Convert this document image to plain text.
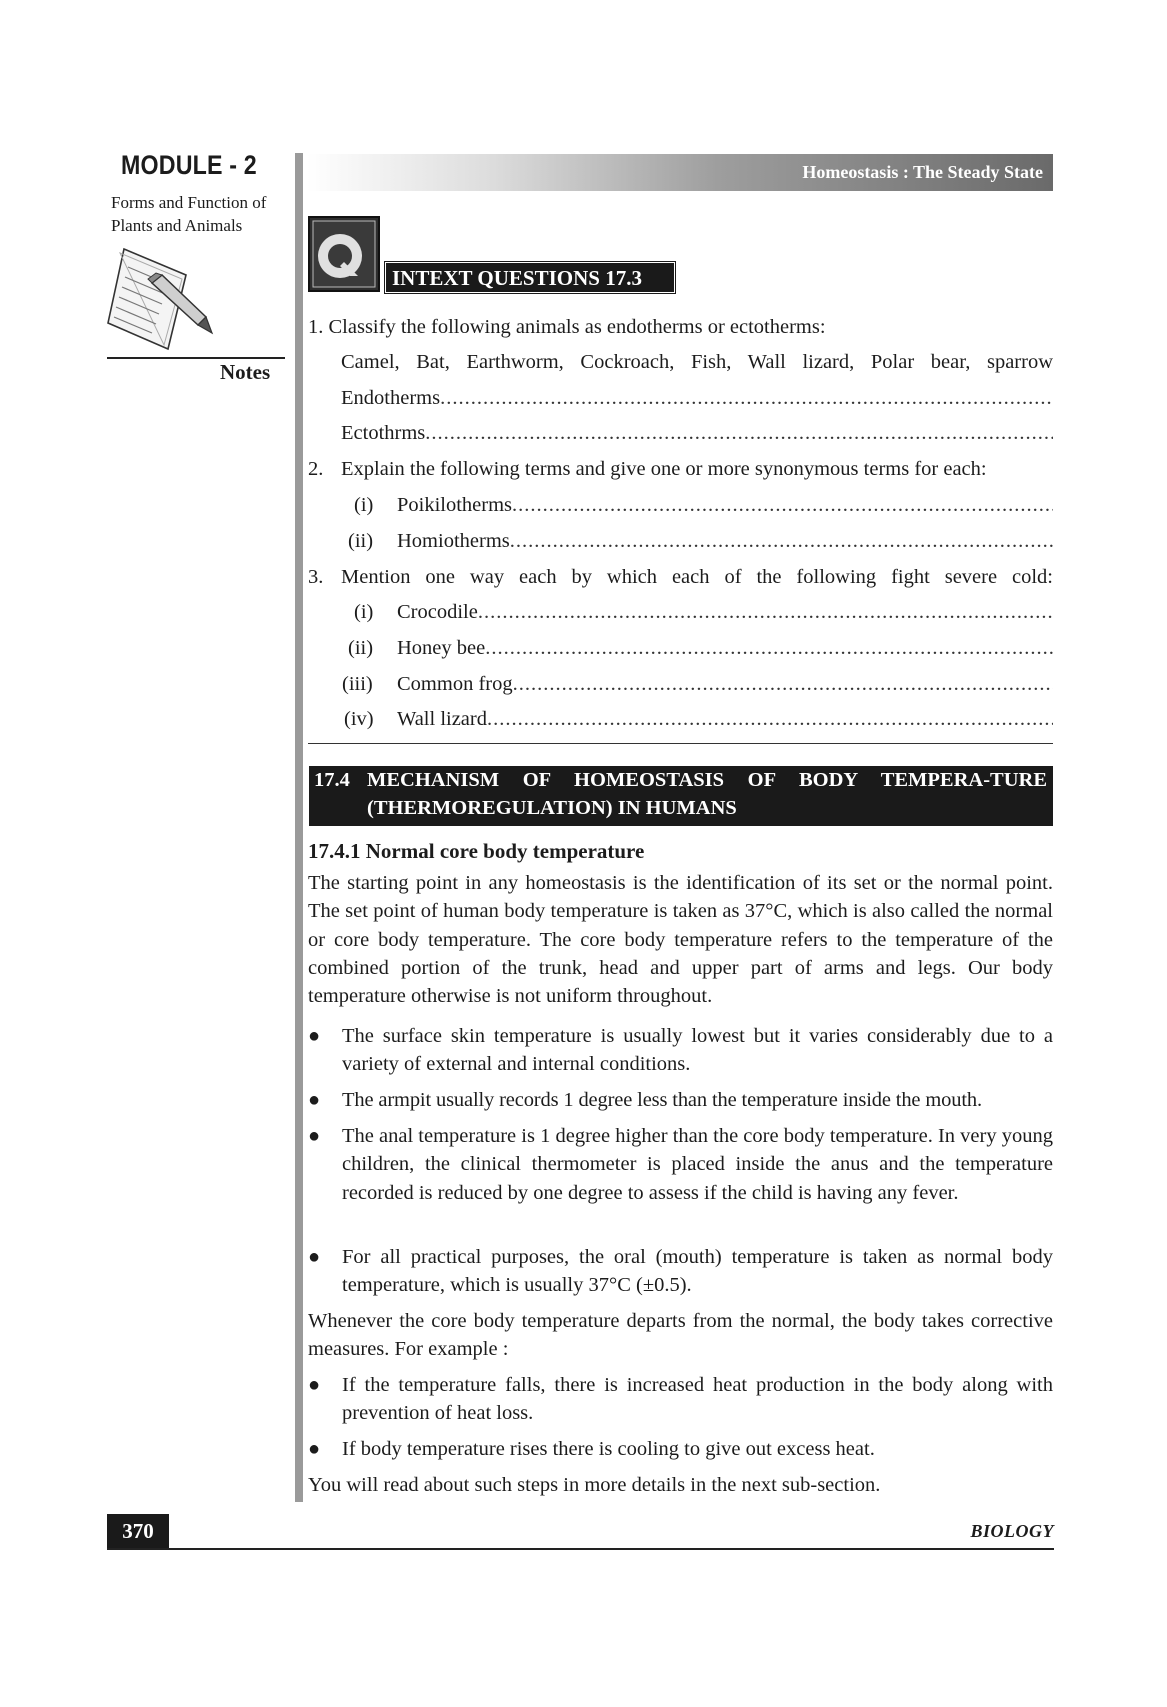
MODULE - 2
Forms and Function of
Plants and Animals
Notes
Homeostasis : The Steady State
INTEXT QUESTIONS 17.3
1. Classify the following animals as endotherms or ectotherms:
Camel, Bat, Earthworm, Cockroach, Fish, Wall lizard, Polar bear, sparrow
Endotherms
.....
Ectothrms
.....
2. Explain the following terms and give one or more synonymous terms for each:
(i) Poikilotherms
.....
(ii) Homiotherms
.....
3. Mention one way each by which each of the following fight severe cold:
(i) Crocodile
.....
(ii) Honey bee
.....
(iii) Common frog
.....
(iv) Wall lizard
.....
17.4 MECHANISM OF HOMEOSTASIS OF BODY TEMPERA-TURE
(THERMOREGULATION) IN HUMANS
17.4.1 Normal core body temperature
The starting point in any homeostasis is the identification of its set or the normal point. The set point of human body temperature is taken as 37°C, which is also called the normal or core body temperature. The core body temperature refers to the temperature of the combined portion of the trunk, head and upper part of arms and legs. Our body temperature otherwise is not uniform throughout.
● The surface skin temperature is usually lowest but it varies considerably due to a variety of external and internal conditions.
● The armpit usually records 1 degree less than the temperature inside the mouth.
● The anal temperature is 1 degree higher than the core body temperature. In very young children, the clinical thermometer is placed inside the anus and the temperature recorded is reduced by one degree to assess if the child is having any fever.
● For all practical purposes, the oral (mouth) temperature is taken as normal body temperature, which is usually 37°C (±0.5).
Whenever the core body temperature departs from the normal, the body takes corrective measures. For example :
● If the temperature falls, there is increased heat production in the body along with prevention of heat loss.
● If body temperature rises there is cooling to give out excess heat.
You will read about such steps in more details in the next sub-section.
370	BIOLOGY
